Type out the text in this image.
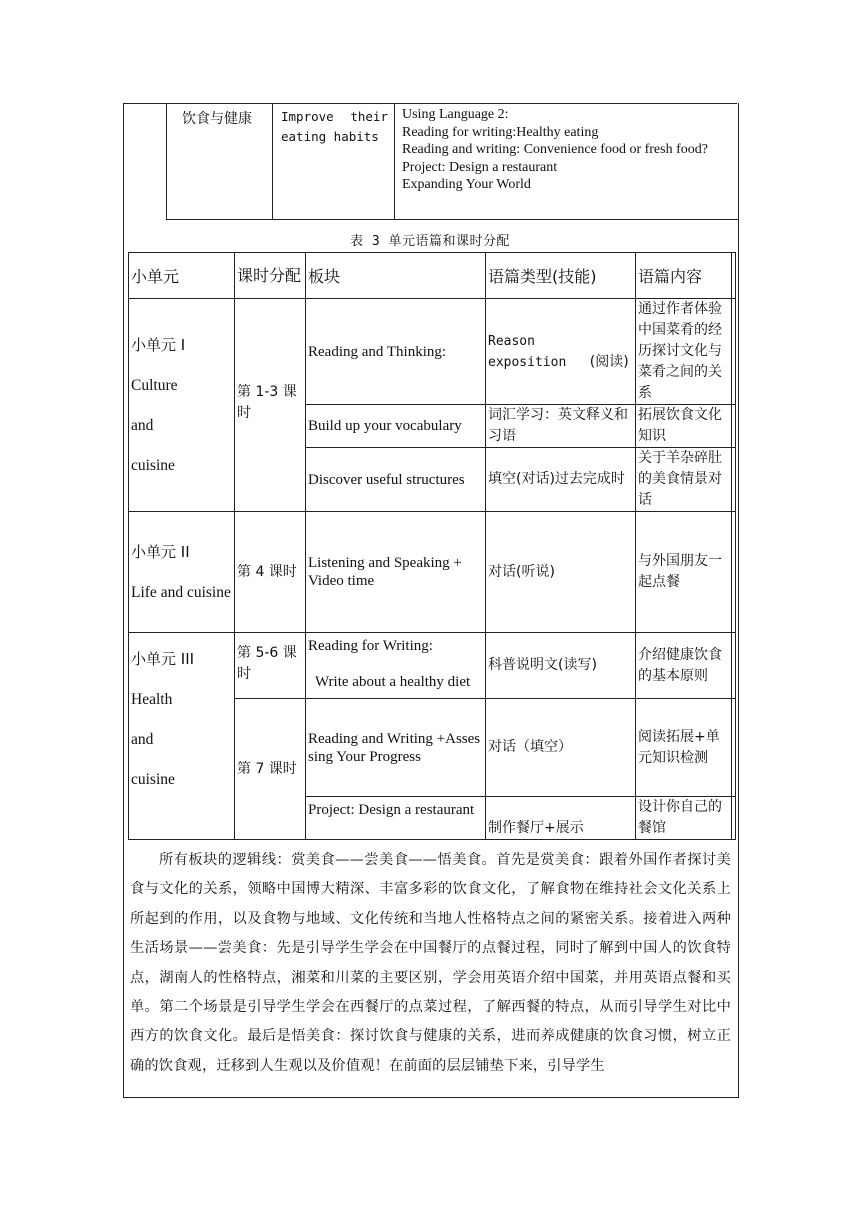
饮食与健康	Improve their
eating habits
Using Language 2:
Reading for writing:Healthy eating
Reading and writing: Convenience food or fresh food?
Project: Design a restaurant
Expanding Your World
表 3 单元语篇和课时分配
小单元	课时分配	板块	语篇类型(技能)	语篇内容	
小单元 I
Culture
and
cuisine	第 1-3 课时	Reading and Thinking:	Reason
exposition (阅读)	通过作者体验中国菜肴的经历探讨文化与菜肴之间的关系	
		Build up your vocabulary	词汇学习：英文释义和习语	拓展饮食文化知识	
		Discover useful structures	填空(对话)过去完成时	关于羊杂碎肚的美食情景对话	
小单元 II
Life and cuisine	第 4 课时	Listening and Speaking + Video time	对话(听说)	与外国朋友一起点餐	
小单元 III
Health
and
cuisine	第 5-6 课时	Reading for Writing:
Write about a healthy diet	科普说明文(读写)	介绍健康饮食的基本原则	
	第 7 课时	Reading and Writing +Assessing Your Progress	对话（填空）	阅读拓展+单元知识检测	
		Project: Design a restaurant	制作餐厅+展示	设计你自己的餐馆	
所有板块的逻辑线：赏美食——尝美食——悟美食。首先是赏美食：跟着外国作者探讨美食与文化的关系，领略中国博大精深、丰富多彩的饮食文化，了解食物在维持社会文化关系上所起到的作用，以及食物与地域、文化传统和当地人性格特点之间的紧密关系。接着进入两种生活场景——尝美食：先是引导学生学会在中国餐厅的点餐过程，同时了解到中国人的饮食特点，湖南人的性格特点，湘菜和川菜的主要区别，学会用英语介绍中国菜，并用英语点餐和买单。第二个场景是引导学生学会在西餐厅的点菜过程，了解西餐的特点，从而引导学生对比中西方的饮食文化。最后是悟美食：探讨饮食与健康的关系，进而养成健康的饮食习惯，树立正确的饮食观，迁移到人生观以及价值观！在前面的层层铺垫下来，引导学生
